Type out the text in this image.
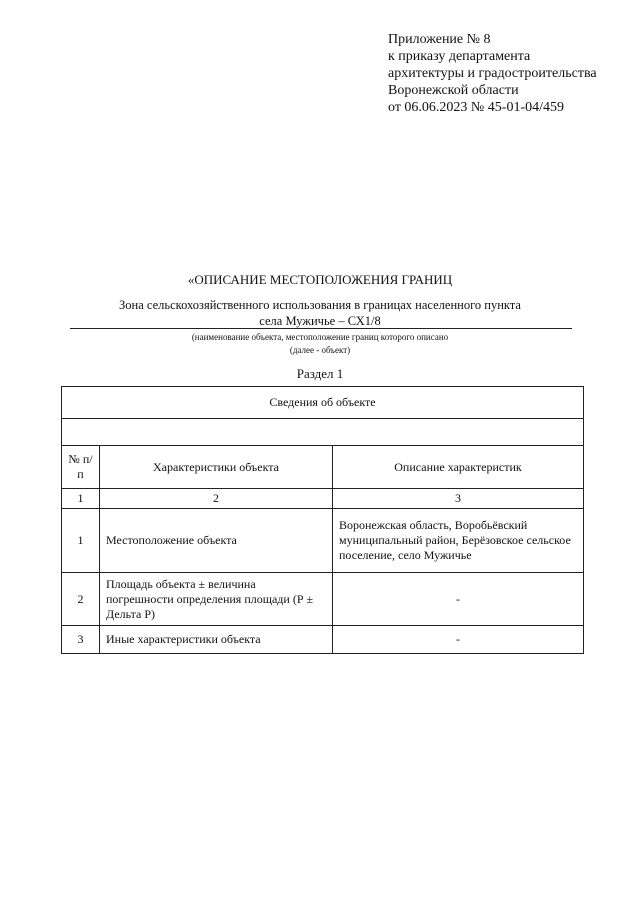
Приложение № 8
к приказу департамента
архитектуры и градостроительства
Воронежской области
от 06.06.2023 № 45-01-04/459
«ОПИСАНИЕ МЕСТОПОЛОЖЕНИЯ ГРАНИЦ
Зона сельскохозяйственного использования в границах населенного пункта
села Мужичье – СХ1/8
(наименование объекта, местоположение границ которого описано
(далее - объект)
Раздел 1
Сведения об объекте		

№ п/п	Характеристики объекта	Описание характеристик
1	2	3
1	Местоположение объекта	Воронежская область, Воробьёвский муниципальный район, Берёзовское сельское поселение, село Мужичье
2	Площадь объекта ± величина погрешности определения площади (Р ± Дельта Р)	-
3	Иные характеристики объекта	-
